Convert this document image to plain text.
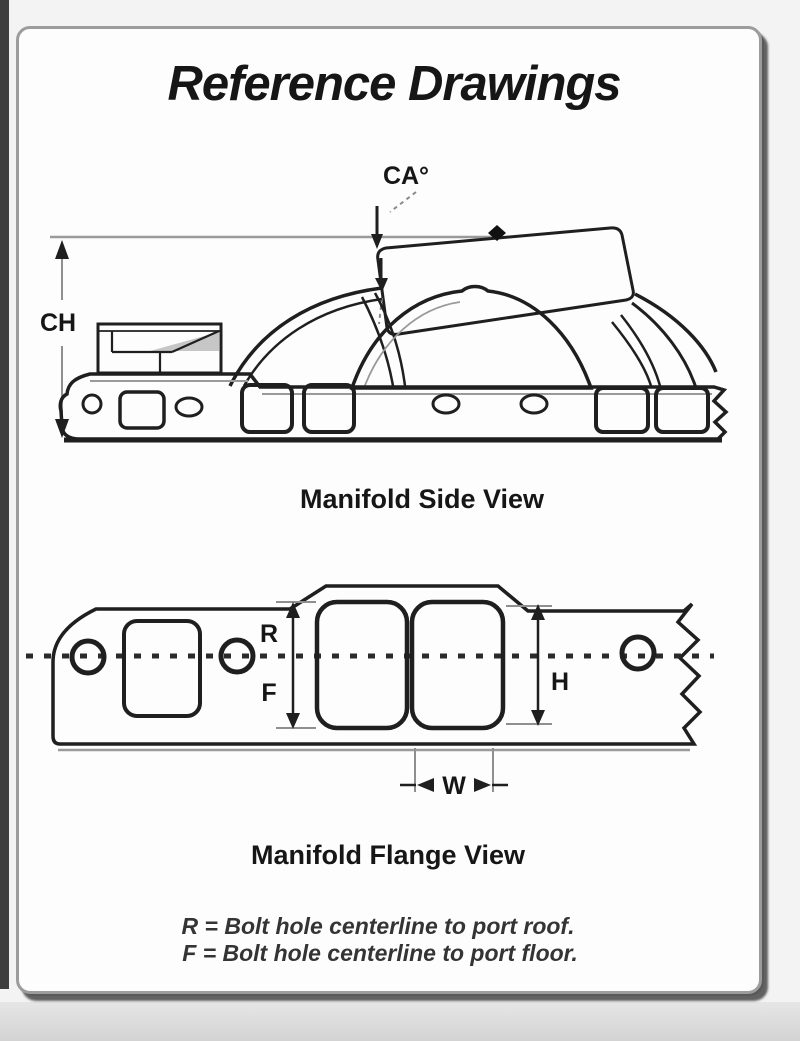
Reference Drawings
CH
CA°
Manifold Side View
R
F	H
W
Manifold Flange View
R = Bolt hole centerline to port roof.
F = Bolt hole centerline to port floor.
